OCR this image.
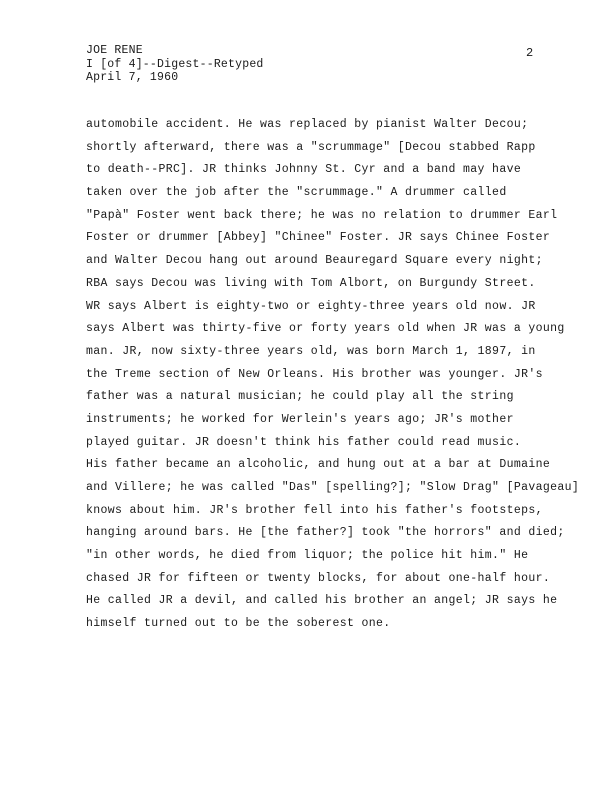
JOE RENE
I [of 4]--Digest--Retyped
April 7, 1960
2
automobile accident. He was replaced by pianist Walter Decou;
shortly afterward, there was a "scrummage" [Decou stabbed Rapp
to death--PRC]. JR thinks Johnny St. Cyr and a band may have
taken over the job after the "scrummage." A drummer called
"Papà" Foster went back there; he was no relation to drummer Earl
Foster or drummer [Abbey] "Chinee" Foster. JR says Chinee Foster
and Walter Decou hang out around Beauregard Square every night;
RBA says Decou was living with Tom Albort, on Burgundy Street.
WR says Albert is eighty-two or eighty-three years old now. JR
says Albert was thirty-five or forty years old when JR was a young
man. JR, now sixty-three years old, was born March 1, 1897, in
the Treme section of New Orleans. His brother was younger. JR's
father was a natural musician; he could play all the string
instruments; he worked for Werlein's years ago; JR's mother
played guitar. JR doesn't think his father could read music.
His father became an alcoholic, and hung out at a bar at Dumaine
and Villere; he was called "Das" [spelling?]; "Slow Drag" [Pavageau]
knows about him. JR's brother fell into his father's footsteps,
hanging around bars. He [the father?] took "the horrors" and died;
"in other words, he died from liquor; the police hit him." He
chased JR for fifteen or twenty blocks, for about one-half hour.
He called JR a devil, and called his brother an angel; JR says he
himself turned out to be the soberest one.
